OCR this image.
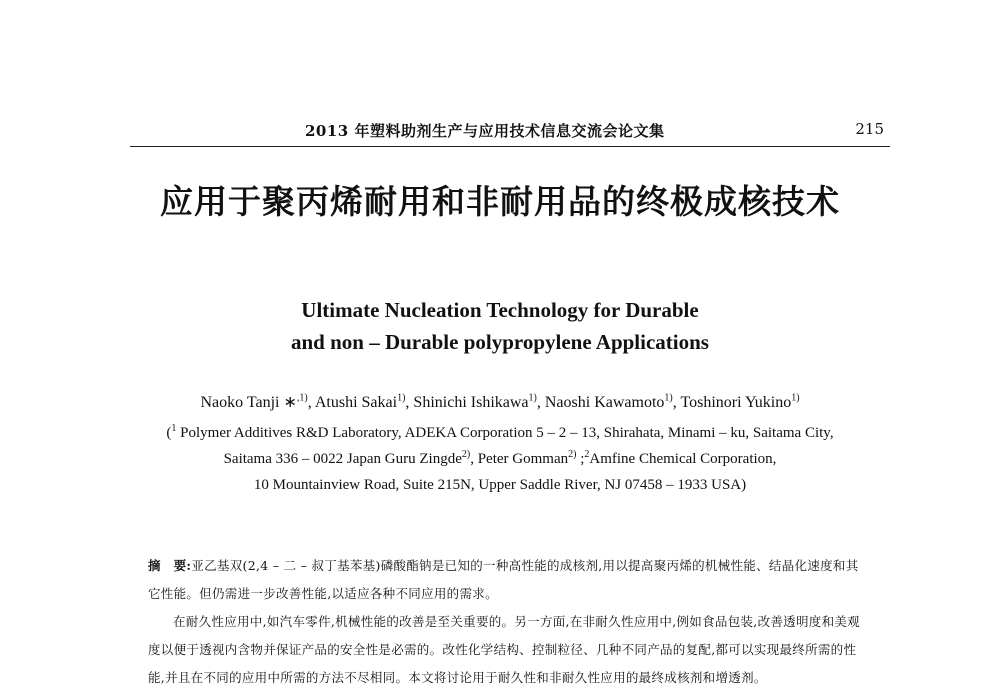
2013 年塑料助剂生产与应用技术信息交流会论文集	215
应用于聚丙烯耐用和非耐用品的终极成核技术
Ultimate Nucleation Technology for Durable
and non – Durable polypropylene Applications
Naoko Tanji ∗$^{,1)}$, Atushi Sakai$^{1)}$, Shinichi Ishikawa$^{1)}$, Naoshi Kawamoto$^{1)}$, Toshinori Yukino$^{1)}$
($^1$ Polymer Additives R&D Laboratory, ADEKA Corporation 5 – 2 – 13, Shirahata, Minami – ku, Saitama City,
Saitama 336 – 0022 Japan Guru Zingde$^{2)}$, Peter Gomman$^{2)}$ ;$^2$Amfine Chemical Corporation,
10 Mountainview Road, Suite 215N, Upper Saddle River, NJ 07458 – 1933 USA)

摘　要:亚乙基双(2,4 – 二 – 叔丁基苯基)磷酸酯钠是已知的一种高性能的成核剂,用以提高聚丙烯的机械性能、结晶化速度和其它性能。但仍需进一步改善性能,以适应各种不同应用的需求。

在耐久性应用中,如汽车零件,机械性能的改善是至关重要的。另一方面,在非耐久性应用中,例如食品包装,改善透明度和美观度以便于透视内含物并保证产品的安全性是必需的。改性化学结构、控制粒径、几种不同产品的复配,都可以实现最终所需的性能,并且在不同的应用中所需的方法不尽相同。本文将讨论用于耐久性和非耐久性应用的最终成核剂和增透剂。
